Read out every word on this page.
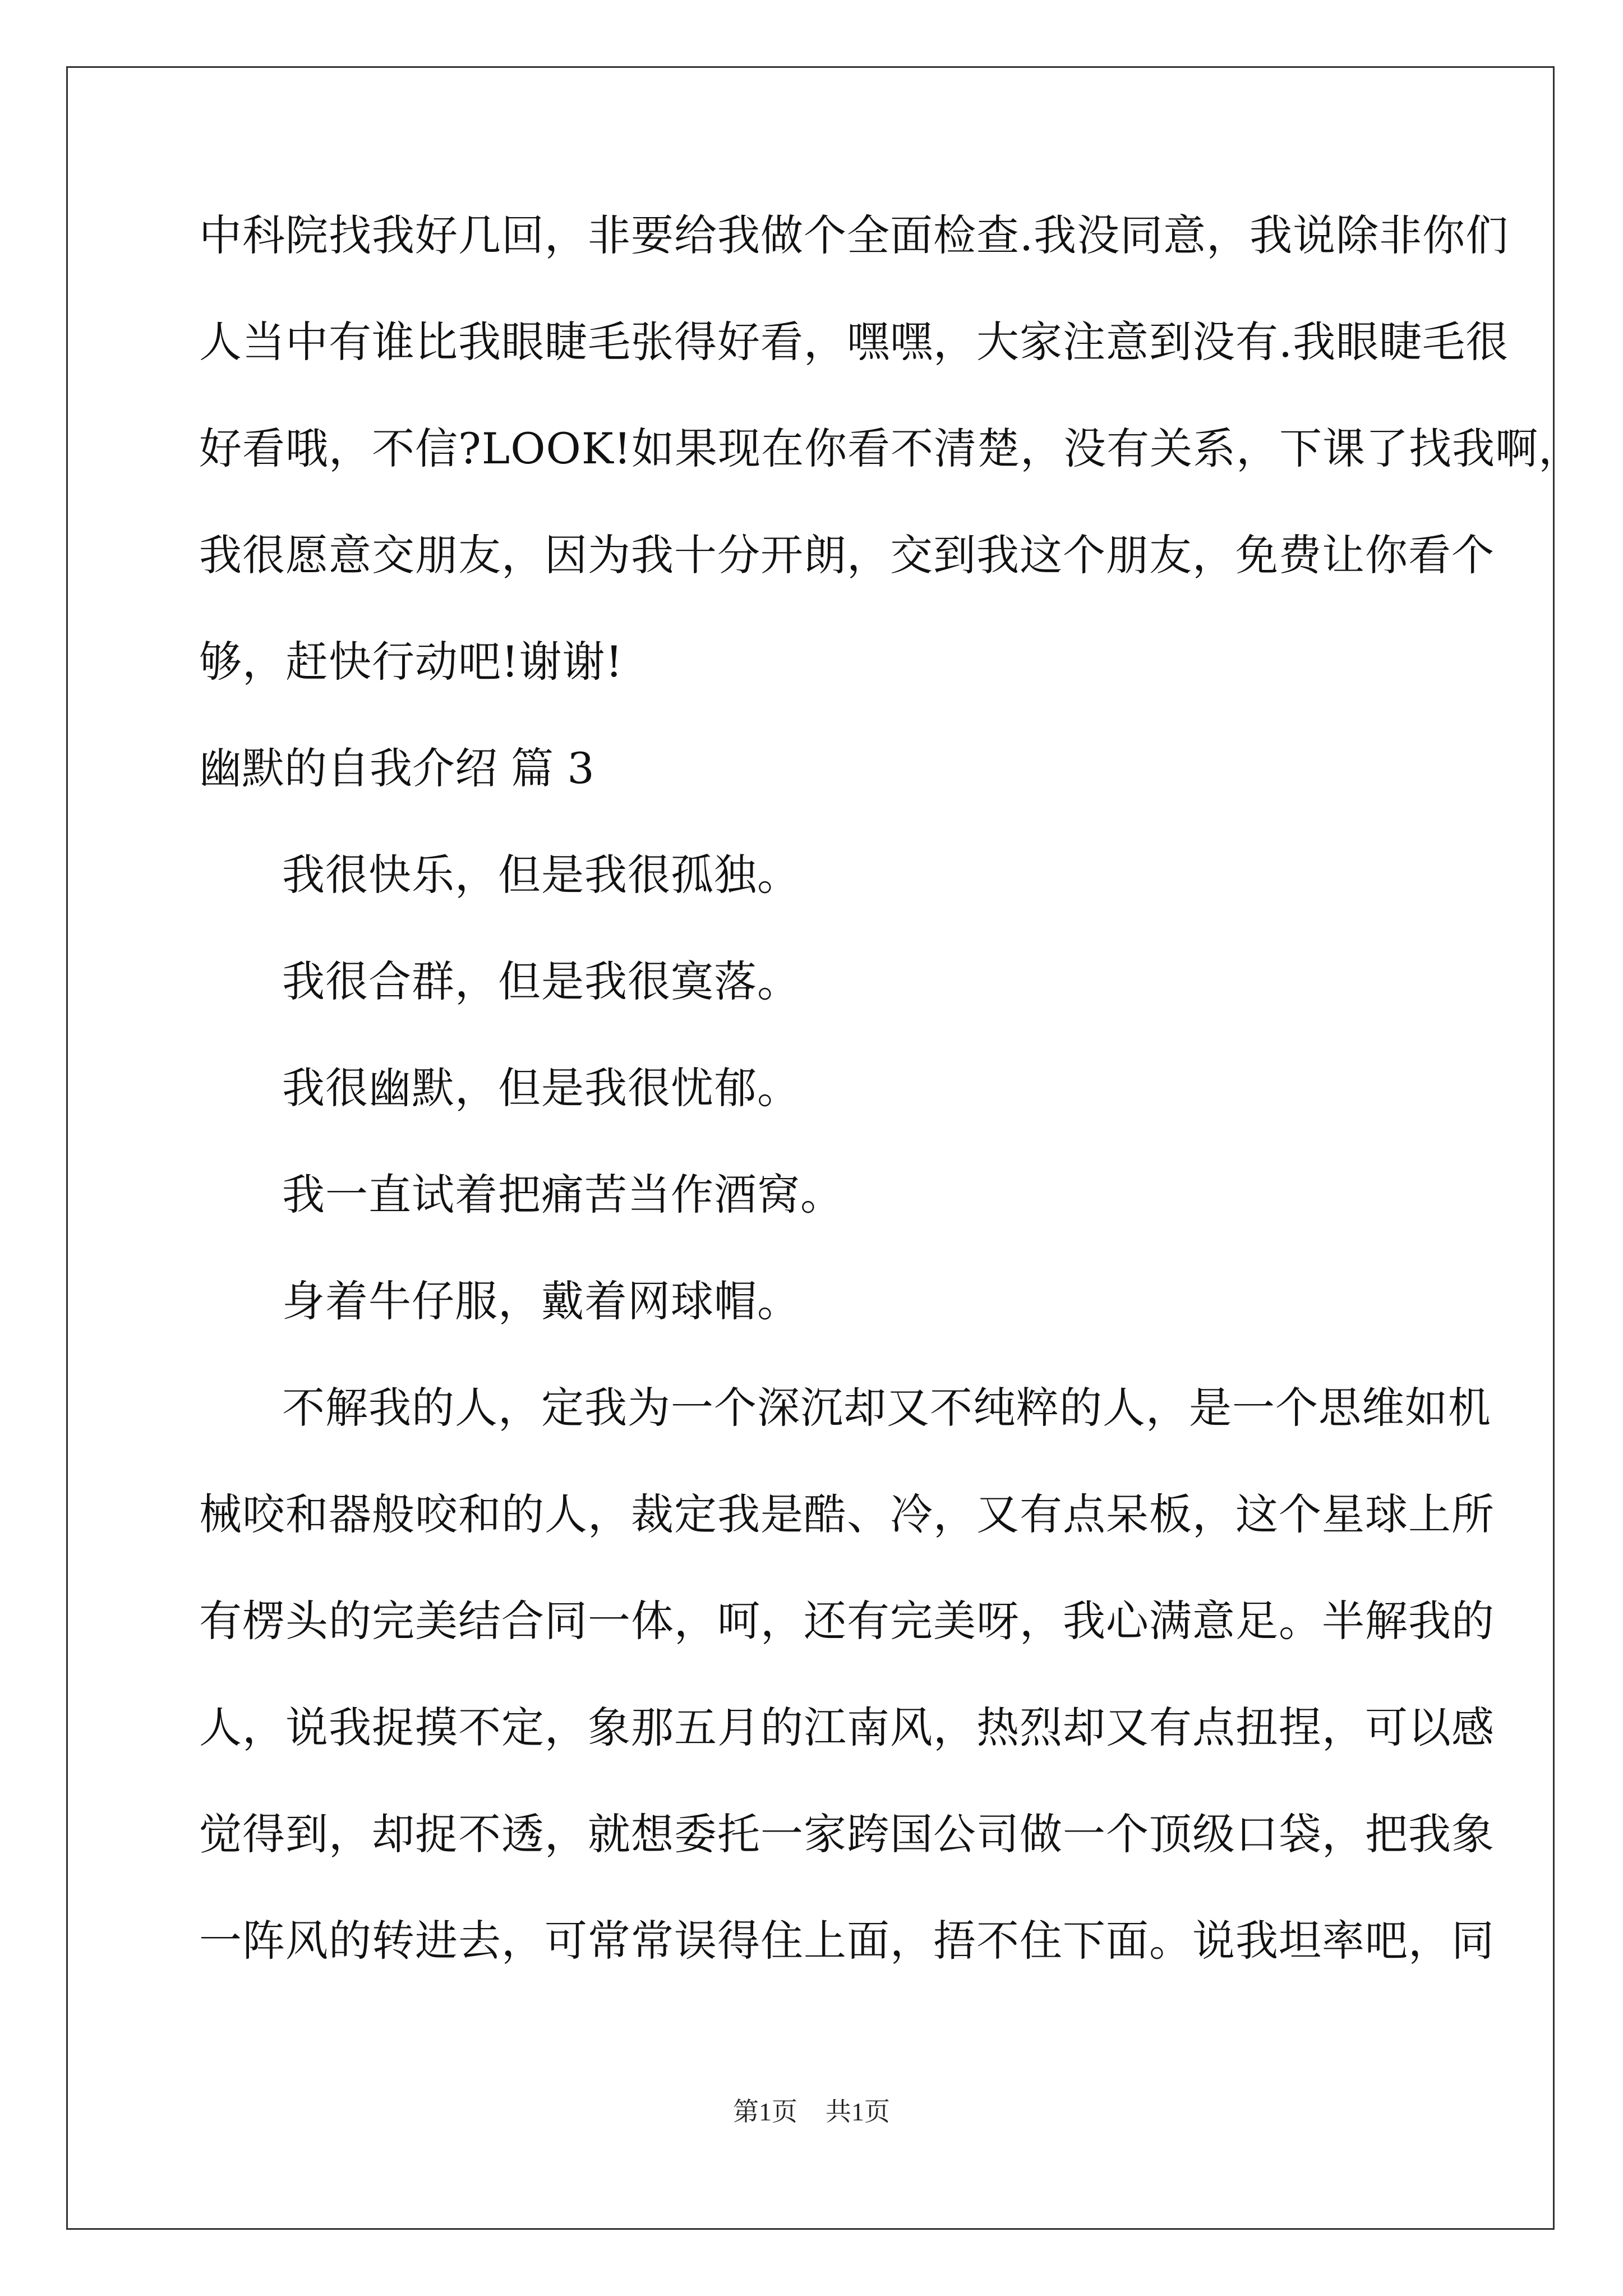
中科院找我好几回，非要给我做个全面检查.我没同意，我说除非你们
人当中有谁比我眼睫毛张得好看，嘿嘿，大家注意到没有.我眼睫毛很
好看哦，不信?LOOK!如果现在你看不清楚，没有关系，下课了找我啊，
我很愿意交朋友，因为我十分开朗，交到我这个朋友，免费让你看个
够，赶快行动吧!谢谢!
幽默的自我介绍 篇 3
我很快乐，但是我很孤独。
我很合群，但是我很寞落。
我很幽默，但是我很忧郁。
我一直试着把痛苦当作酒窝。
身着牛仔服，戴着网球帽。
不解我的人，定我为一个深沉却又不纯粹的人，是一个思维如机
械咬和器般咬和的人，裁定我是酷、冷，又有点呆板，这个星球上所
有楞头的完美结合同一体，呵，还有完美呀，我心满意足。半解我的
人，说我捉摸不定，象那五月的江南风，热烈却又有点扭捏，可以感
觉得到，却捉不透，就想委托一家跨国公司做一个顶级口袋，把我象
一阵风的转进去，可常常误得住上面，捂不住下面。说我坦率吧，同
第1页 共1页
